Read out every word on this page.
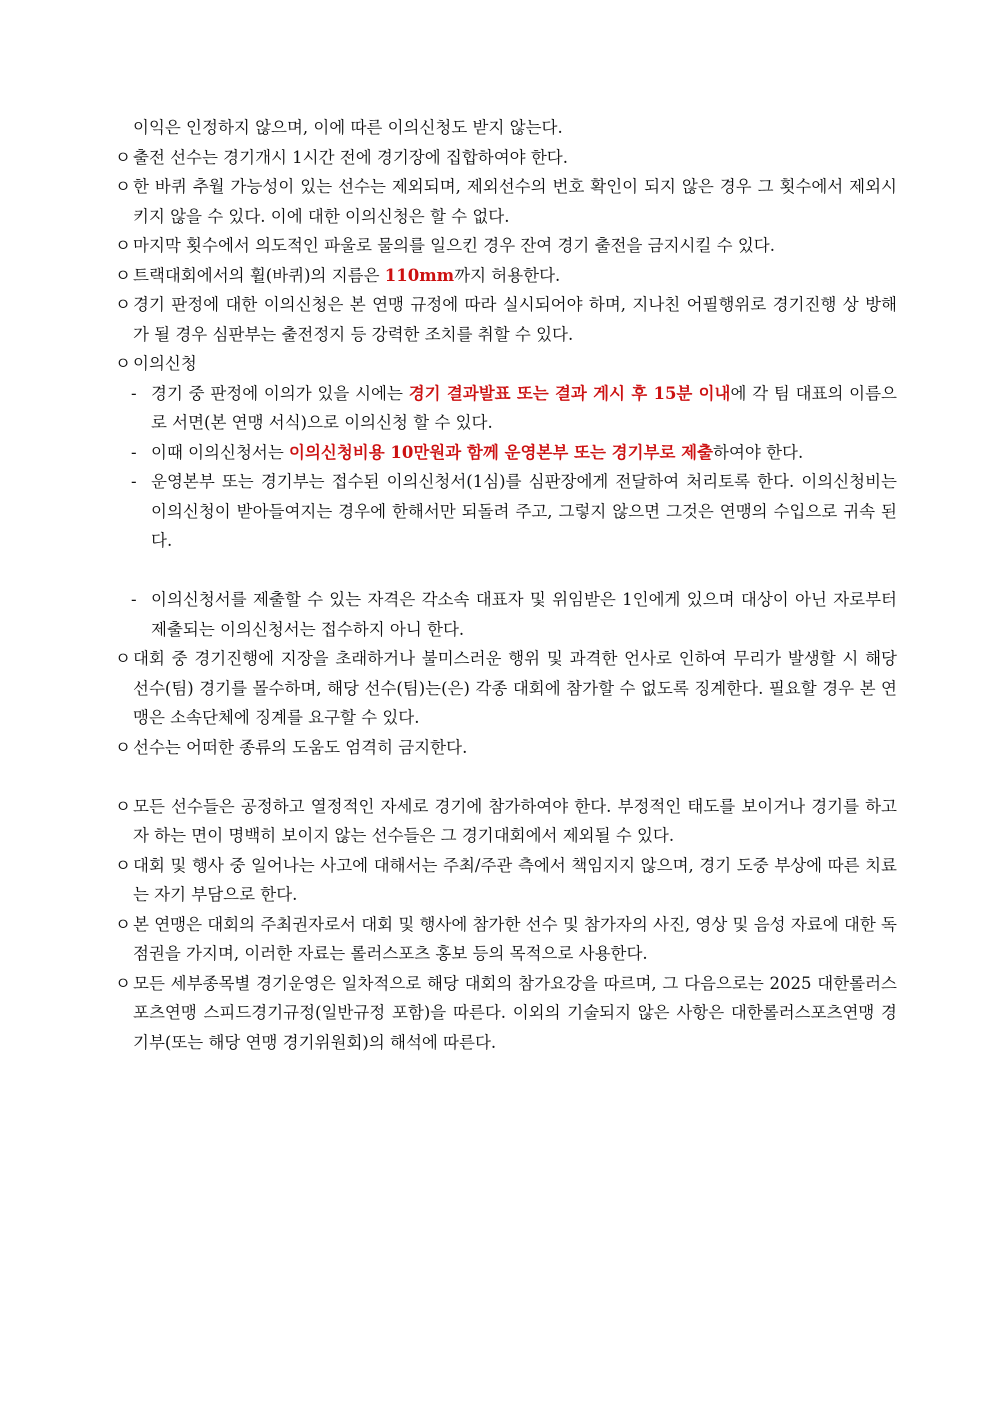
이익은 인정하지 않으며, 이에 따른 이의신청도 받지 않는다.
ㅇ 출전 선수는 경기개시 1시간 전에 경기장에 집합하여야 한다.
ㅇ 한 바퀴 추월 가능성이 있는 선수는 제외되며, 제외선수의 번호 확인이 되지 않은 경우 그 횟수에서 제외시키지 않을 수 있다. 이에 대한 이의신청은 할 수 없다.
ㅇ 마지막 횟수에서 의도적인 파울로 물의를 일으킨 경우 잔여 경기 출전을 금지시킬 수 있다.
ㅇ 트랙대회에서의 휠(바퀴)의 지름은 110mm까지 허용한다.
ㅇ 경기 판정에 대한 이의신청은 본 연맹 규정에 따라 실시되어야 하며, 지나친 어필행위로 경기진행 상 방해가 될 경우 심판부는 출전정지 등 강력한 조치를 취할 수 있다.
ㅇ 이의신청
- 경기 중 판정에 이의가 있을 시에는 경기 결과발표 또는 결과 게시 후 15분 이내에 각 팀 대표의 이름으로 서면(본 연맹 서식)으로 이의신청 할 수 있다.
- 이때 이의신청서는 이의신청비용 10만원과 함께 운영본부 또는 경기부로 제출하여야 한다.
- 운영본부 또는 경기부는 접수된 이의신청서(1심)를 심판장에게 전달하여 처리토록 한다. 이의신청비는 이의신청이 받아들여지는 경우에 한해서만 되돌려 주고, 그렇지 않으면 그것은 연맹의 수입으로 귀속 된다.
- 이의신청서를 제출할 수 있는 자격은 각소속 대표자 및 위임받은 1인에게 있으며 대상이 아닌 자로부터 제출되는 이의신청서는 접수하지 아니 한다.
ㅇ 대회 중 경기진행에 지장을 초래하거나 불미스러운 행위 및 과격한 언사로 인하여 무리가 발생할 시 해당 선수(팀) 경기를 몰수하며, 해당 선수(팀)는(은) 각종 대회에 참가할 수 없도록 징계한다. 필요할 경우 본 연맹은 소속단체에 징계를 요구할 수 있다.
ㅇ 선수는 어떠한 종류의 도움도 엄격히 금지한다.
ㅇ 모든 선수들은 공정하고 열정적인 자세로 경기에 참가하여야 한다. 부정적인 태도를 보이거나 경기를 하고자 하는 면이 명백히 보이지 않는 선수들은 그 경기대회에서 제외될 수 있다.
ㅇ 대회 및 행사 중 일어나는 사고에 대해서는 주최/주관 측에서 책임지지 않으며, 경기 도중 부상에 따른 치료는 자기 부담으로 한다.
ㅇ 본 연맹은 대회의 주최권자로서 대회 및 행사에 참가한 선수 및 참가자의 사진, 영상 및 음성 자료에 대한 독점권을 가지며, 이러한 자료는 롤러스포츠 홍보 등의 목적으로 사용한다.
ㅇ 모든 세부종목별 경기운영은 일차적으로 해당 대회의 참가요강을 따르며, 그 다음으로는 2025 대한롤러스포츠연맹 스피드경기규정(일반규정 포함)을 따른다. 이외의 기술되지 않은 사항은 대한롤러스포츠연맹 경기부(또는 해당 연맹 경기위원회)의 해석에 따른다.
